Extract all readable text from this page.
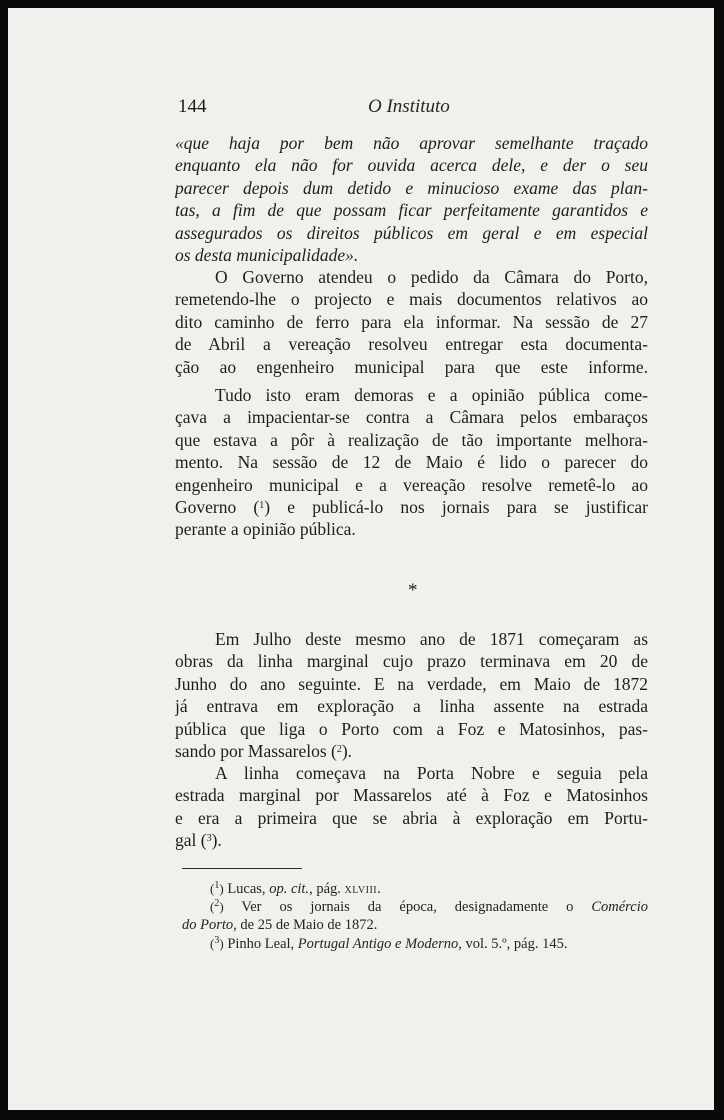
144	O Instituto
«que haja por bem não aprovar semelhante traçado
enquanto ela não for ouvida acerca dele, e der o seu
parecer depois dum detido e minucioso exame das plan-
tas, a fim de que possam ficar perfeitamente garantidos e
assegurados os direitos públicos em geral e em especial
os desta municipalidade».
O Governo atendeu o pedido da Câmara do Porto,
remetendo-lhe o projecto e mais documentos relativos ao
dito caminho de ferro para ela informar. Na sessão de 27
de Abril a vereação resolveu entregar esta documenta-
ção ao engenheiro municipal para que este informe.
Tudo isto eram demoras e a opinião pública come-
çava a impacientar-se contra a Câmara pelos embaraços
que estava a pôr à realização de tão importante melhora-
mento. Na sessão de 12 de Maio é lido o parecer do
engenheiro municipal e a vereação resolve remetê-lo ao
Governo ($^1$) e publicá-lo nos jornais para se justificar
perante a opinião pública.
*
Em Julho deste mesmo ano de 1871 começaram as
obras da linha marginal cujo prazo terminava em 20 de
Junho do ano seguinte. E na verdade, em Maio de 1872
já entrava em exploração a linha assente na estrada
pública que liga o Porto com a Foz e Matosinhos, pas-
sando por Massarelos ($^2$).
A linha começava na Porta Nobre e seguia pela
estrada marginal por Massarelos até à Foz e Matosinhos
e era a primeira que se abria à exploração em Portu-
gal ($^3$).
($^1$) Lucas, op. cit., pág. xlviii.
($^2$) Ver os jornais da época, designadamente o Comércio
do Porto, de 25 de Maio de 1872.
($^3$) Pinho Leal, Portugal Antigo e Moderno, vol. 5.º, pág. 145.
